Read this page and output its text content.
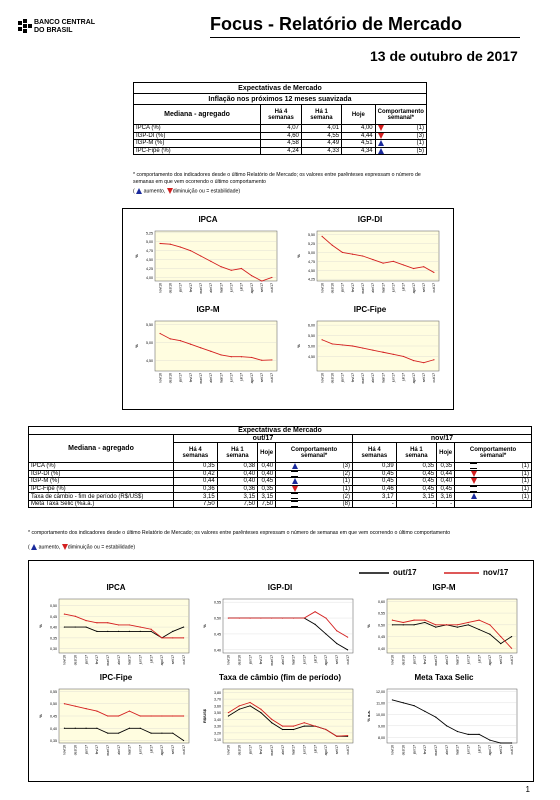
BANCO CENTRAL
DO BRASIL	Focus - Relatório de Mercado
13 de outubro de 2017
Expectativas de Mercado				
Inflação nos próximos 12 meses suavizada				
Mediana - agregado	Há 4 semanas	Há 1 semana	Hoje	Comportamento semanal*
IPCA (%)	4,07	4,01	4,00	(1)

IGP-DI (%)	4,60	4,55	4,44	(3)

IGP-M (%)	4,58	4,49	4,51	(1)

IPC-Fipe (%)	4,24	4,33	4,34	(5)
* comportamento dos indicadores desde o último Relatório de Mercado; os valores entre parênteses expressam o número de semanas em que vem ocorrendo o último comportamento
(  aumento, diminuição ou = estabilidade)
IPCA
4,00
4,25
4,50
4,75
5,00
5,25
%
nov/16 dez/16 jan/17 fev/17 mar/17 abr/17 mai/17 jun/17 jul/17 ago/17 set/17 out/17
IGP-DI
4,25
4,50
4,75
5,00
5,25
5,50
%
nov/16 dez/16 jan/17 fev/17 mar/17 abr/17 mai/17 jun/17 jul/17 ago/17 set/17 out/17
IGP-M
4,50
5,00
5,50
%
nov/16 dez/16 jan/17 fev/17 mar/17 abr/17 mai/17 jun/17 jul/17 ago/17 set/17 out/17
IPC-Fipe
4,50
5,00
5,50
6,00
%
nov/16 dez/16 jan/17 fev/17 mar/17 abr/17 mai/17 jun/17 jul/17 ago/17 set/17 out/17
Expectativas de Mercado										
Mediana - agregado	out/17					nov/17				
	Há 4 semanas	Há 1 semana	Hoje	Comportamento semanal*		Há 4 semanas	Há 1 semana	Hoje	Comportamento semanal*	
IPCA (%)	0,35	0,38	0,40		(3)	0,39	0,35	0,35		(1)
IGP-DI (%)	0,42	0,40	0,40		(2)	0,45	0,45	0,44		(1)
IGP-M (%)	0,44	0,40	0,45		(1)	0,45	0,45	0,40		(1)
IPC-Fipe (%)	0,36	0,36	0,35		(1)	0,46	0,45	0,45		(1)
Taxa de câmbio - fim de período (R$/US$)	3,15	3,15	3,15		(2)	3,17	3,15	3,16		(1)
Meta Taxa Selic (%a.a.)	7,50	7,50	7,50		(8)	-	-	-		
* comportamento dos indicadores desde o último Relatório de Mercado; os valores entre parênteses expressam o número de semanas em que vem ocorrendo o último comportamento
(  aumento, diminuição ou = estabilidade)
out/17	nov/17
IPCA
0,30
0,35
0,40
0,45
0,50
%
nov/16 dez/16 jan/17 fev/17 mar/17 abr/17 mai/17 jun/17 jul/17 ago/17 set/17 out/17
IGP-DI
0,40
0,45
0,50
0,55
%
nov/16 dez/16 jan/17 fev/17 mar/17 abr/17 mai/17 jun/17 jul/17 ago/17 set/17 out/17
IGP-M
0,40
0,45
0,50
0,55
0,60
%
nov/16 dez/16 jan/17 fev/17 mar/17 abr/17 mai/17 jun/17 jul/17 ago/17 set/17 out/17
IPC-Fipe
0,35
0,40
0,45
0,50
0,55
%
nov/16 dez/16 jan/17 fev/17 mar/17 abr/17 mai/17 jun/17 jul/17 ago/17 set/17 out/17
Taxa de câmbio (fim de período)
3,10
3,20
3,30
3,40
3,50
3,60
3,70
3,80
R$/US$
nov/16 dez/16 jan/17 fev/17 mar/17 abr/17 mai/17 jun/17 jul/17 ago/17 set/17 out/17
Meta Taxa Selic
8,00
9,00
10,00
11,00
12,00
% a.a.
nov/16 dez/16 jan/17 fev/17 mar/17 abr/17 mai/17 jun/17 jul/17 ago/17 set/17 out/17
1
